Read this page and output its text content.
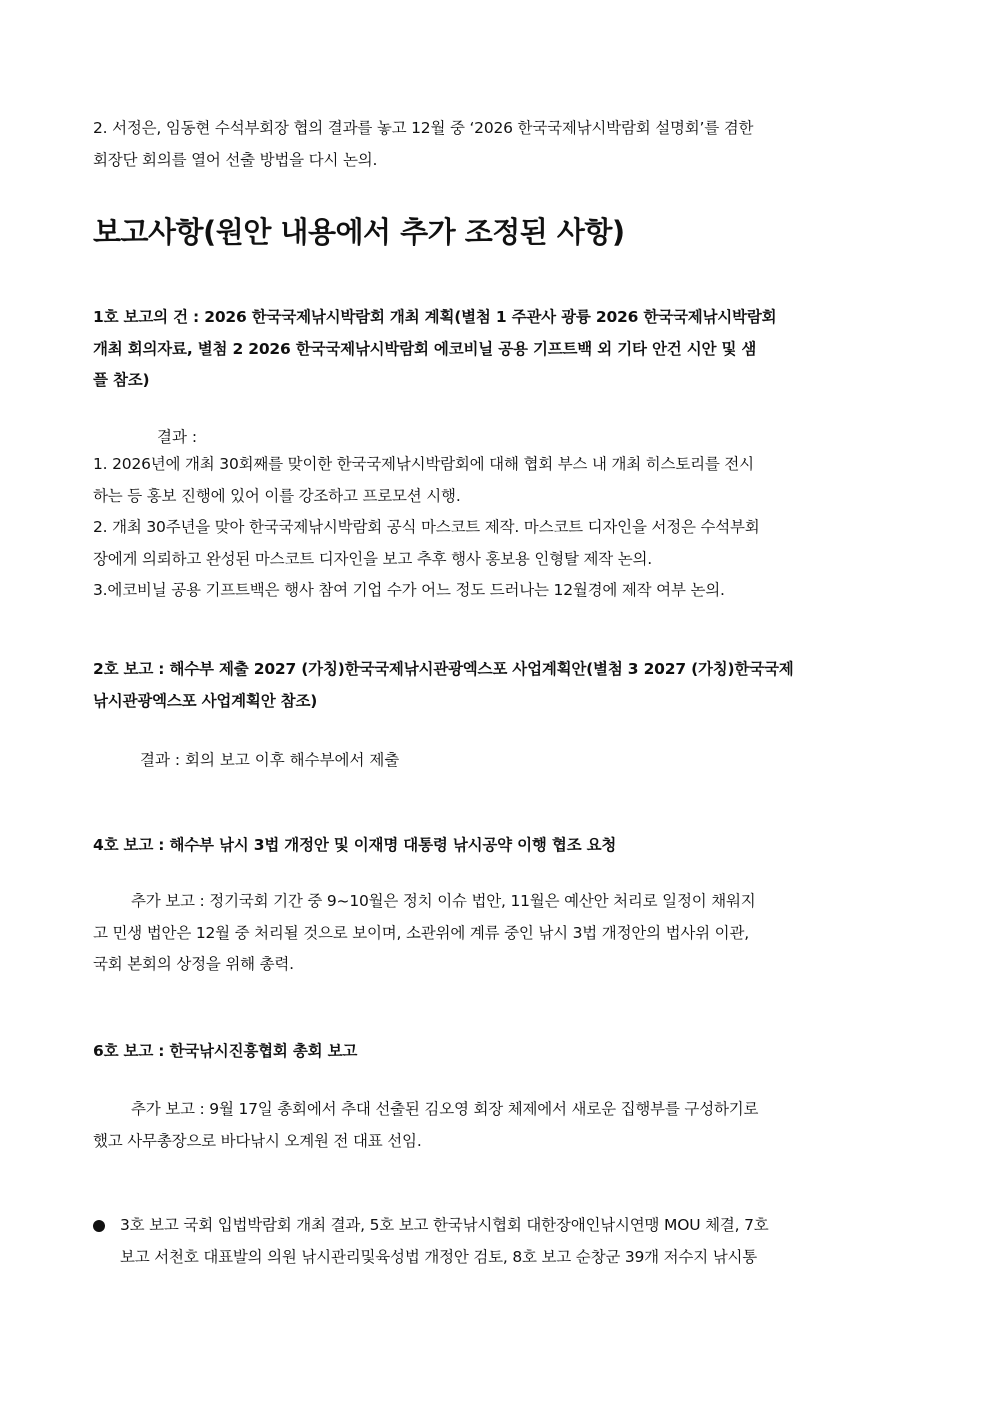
2. 서정은, 임동현 수석부회장 협의 결과를 놓고 12월 중 ‘2026 한국국제낚시박람회 설명회’를 겸한
회장단 회의를 열어 선출 방법을 다시 논의.
보고사항(원안 내용에서 추가 조정된 사항)
1호 보고의 건 : 2026 한국국제낚시박람회 개최 계획(별첨 1 주관사 광륭 2026 한국국제낚시박람회
개최 회의자료, 별첨 2 2026 한국국제낚시박람회 에코비닐 공용 기프트백 외 기타 안건 시안 및 샘
플 참조)
결과 :
1. 2026년에 개최 30회째를 맞이한 한국국제낚시박람회에 대해 협회 부스 내 개최 히스토리를 전시
하는 등 홍보 진행에 있어 이를 강조하고 프로모션 시행.
2. 개최 30주년을 맞아 한국국제낚시박람회 공식 마스코트 제작. 마스코트 디자인을 서정은 수석부회
장에게 의뢰하고 완성된 마스코트 디자인을 보고 추후 행사 홍보용 인형탈 제작 논의.
3.에코비닐 공용 기프트백은 행사 참여 기업 수가 어느 정도 드러나는 12월경에 제작 여부 논의.
2호 보고 : 해수부 제출 2027 (가칭)한국국제낚시관광엑스포 사업계획안(별첨 3 2027 (가칭)한국국제
낚시관광엑스포 사업계획안 참조)
결과 : 회의 보고 이후 해수부에서 제출
4호 보고 : 해수부 낚시 3법 개정안 및 이재명 대통령 낚시공약 이행 협조 요청
추가 보고 : 정기국회 기간 중 9~10월은 정치 이슈 법안, 11월은 예산안 처리로 일정이 채워지
고 민생 법안은 12월 중 처리될 것으로 보이며, 소관위에 계류 중인 낚시 3법 개정안의 법사위 이관,
국회 본회의 상정을 위해 총력.
6호 보고 : 한국낚시진흥협회 총회 보고
추가 보고 : 9월 17일 총회에서 추대 선출된 김오영 회장 체제에서 새로운 집행부를 구성하기로
했고 사무총장으로 바다낚시 오계원 전 대표 선임.
3호 보고 국회 입법박람회 개최 결과, 5호 보고 한국낚시협회 대한장애인낚시연맹 MOU 체결, 7호
보고 서천호 대표발의 의원 낚시관리및육성법 개정안 검토, 8호 보고 순창군 39개 저수지 낚시통
